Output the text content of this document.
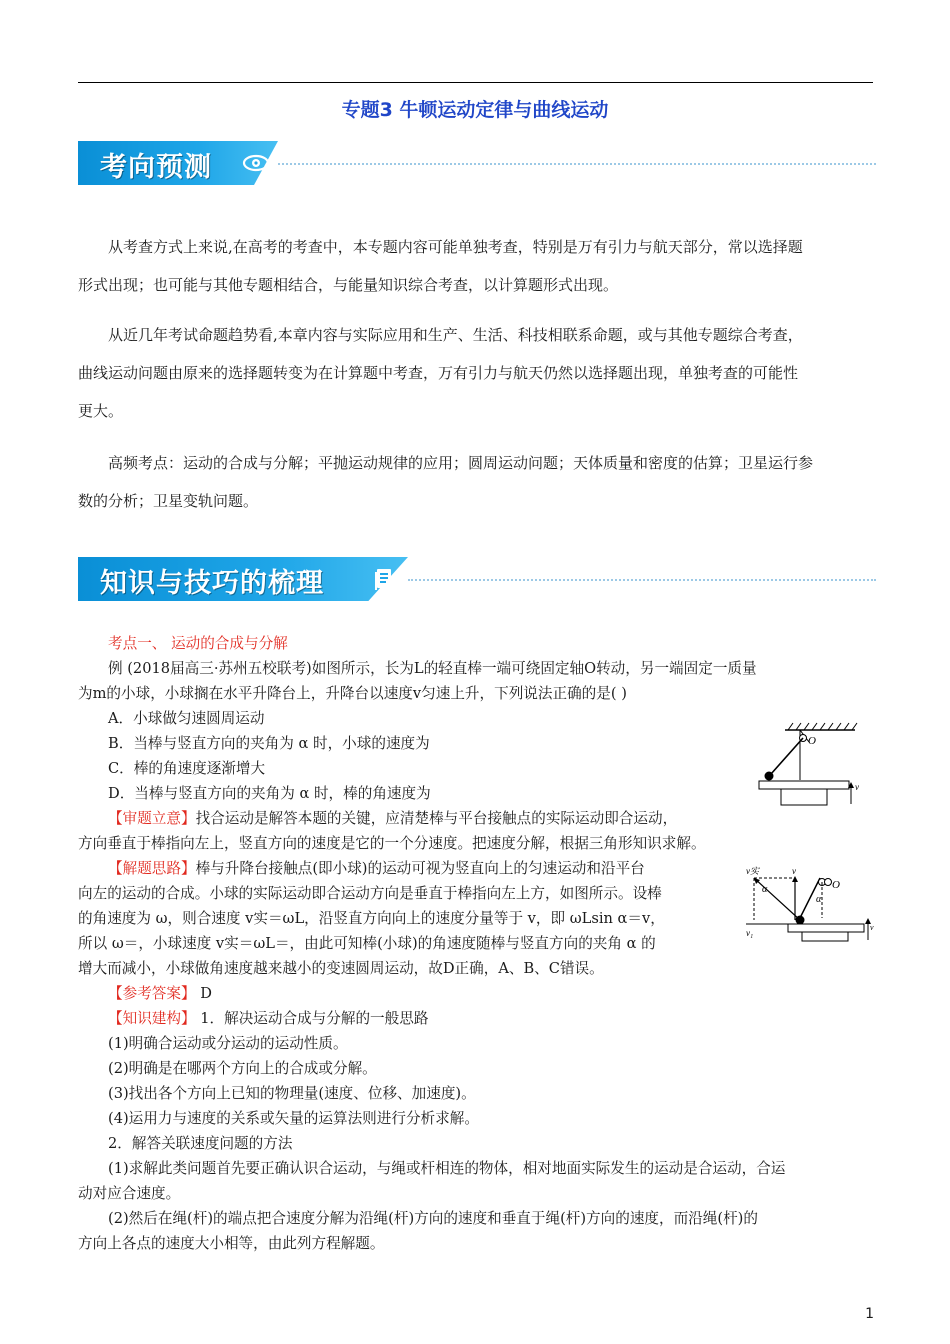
专题3 牛顿运动定律与曲线运动
考向预测
从考查方式上来说,在高考的考查中，本专题内容可能单独考查，特别是万有引力与航天部分，常以选择题
形式出现；也可能与其他专题相结合，与能量知识综合考查，以计算题形式出现。
从近几年考试命题趋势看,本章内容与实际应用和生产、生活、科技相联系命题，或与其他专题综合考查，
曲线运动问题由原来的选择题转变为在计算题中考查，万有引力与航天仍然以选择题出现，单独考查的可能性
更大。
高频考点：运动的合成与分解；平抛运动规律的应用；圆周运动问题；天体质量和密度的估算；卫星运行参
数的分析；卫星变轨问题。
知识与技巧的梳理
考点一、 运动的合成与分解
例 (2018届高三·苏州五校联考)如图所示，长为L的轻直棒一端可绕固定轴O转动，另一端固定一质量
为m的小球，小球搁在水平升降台上，升降台以速度v匀速上升，下列说法正确的是( )
A．小球做匀速圆周运动
B．当棒与竖直方向的夹角为 α 时，小球的速度为
C．棒的角速度逐渐增大
D．当棒与竖直方向的夹角为 α 时，棒的角速度为
【审题立意】找合运动是解答本题的关键，应清楚棒与平台接触点的实际运动即合运动，
方向垂直于棒指向左上，竖直方向的速度是它的一个分速度。把速度分解，根据三角形知识求解。
【解题思路】棒与升降台接触点(即小球)的运动可视为竖直向上的匀速运动和沿平台
向左的运动的合成。小球的实际运动即合运动方向是垂直于棒指向左上方，如图所示。设棒
的角速度为 ω，则合速度 v实＝ωL，沿竖直方向向上的速度分量等于 v，即 ωLsin α＝v，
所以 ω＝，小球速度 v实＝ωL＝，由此可知棒(小球)的角速度随棒与竖直方向的夹角 α 的
增大而减小，小球做角速度越来越小的变速圆周运动，故D正确，A、B、C错误。
【参考答案】 D
【知识建构】 1．解决运动合成与分解的一般思路
(1)明确合运动或分运动的运动性质。
(2)明确是在哪两个方向上的合成或分解。
(3)找出各个方向上已知的物理量(速度、位移、加速度)。
(4)运用力与速度的关系或矢量的运算法则进行分析求解。
2．解答关联速度问题的方法
(1)求解此类问题首先要正确认识合运动，与绳或杆相连的物体，相对地面实际发生的运动是合运动，合运
动对应合速度。
(2)然后在绳(杆)的端点把合速度分解为沿绳(杆)方向的速度和垂直于绳(杆)方向的速度，而沿绳(杆)的
方向上各点的速度大小相等，由此列方程解题。
O
v
v实	v
α	O
α
v₁
v
1
